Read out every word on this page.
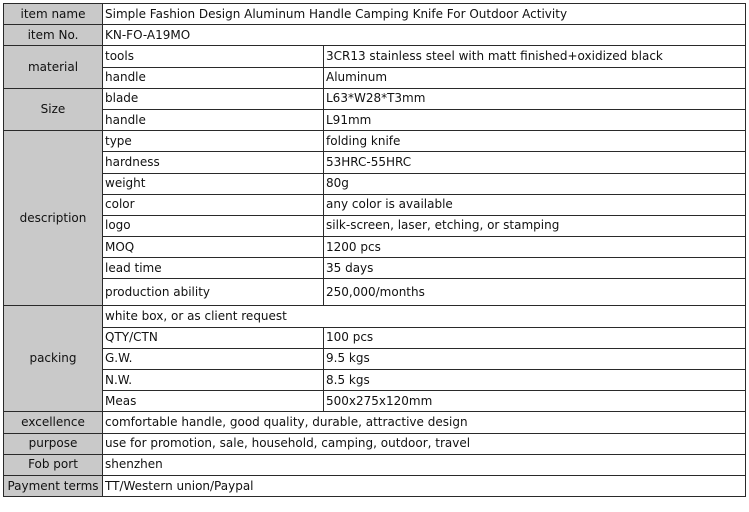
item name	Simple Fashion Design Aluminum Handle Camping Knife For Outdoor Activity	
item No.	KN-FO-A19MO	
material	tools	3CR13 stainless steel with matt finished+oxidized black
	handle	Aluminum
Size	blade	L63*W28*T3mm
	handle	L91mm
description	type	folding knife
	hardness	53HRC-55HRC
	weight	80g
	color	any color is available
	logo	silk-screen, laser, etching, or stamping
	MOQ	1200 pcs
	lead time	35 days
	production ability	250,000/months
packing	white box, or as client request	
	QTY/CTN	100 pcs
	G.W.	9.5 kgs
	N.W.	8.5 kgs
	Meas	500x275x120mm
excellence	comfortable handle, good quality, durable, attractive design	
purpose	use for promotion, sale, household, camping, outdoor, travel	
Fob port	shenzhen	
Payment terms	TT/Western union/Paypal	
